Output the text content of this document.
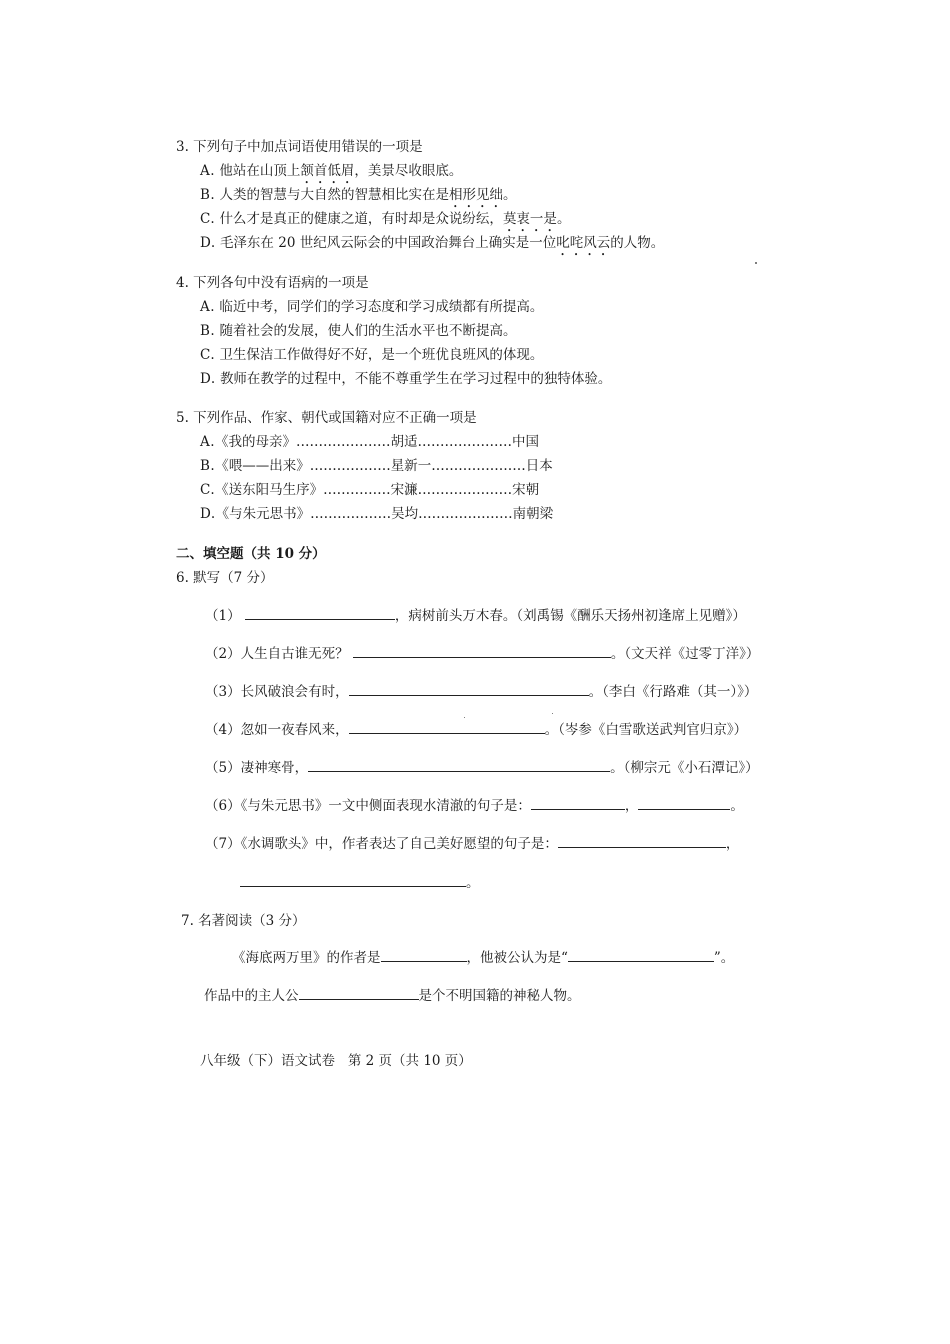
3. 下列句子中加点词语使用错误的一项是
A. 他站在山顶上颔首低眉，美景尽收眼底。
B. 人类的智慧与大自然的智慧相比实在是相形见绌。
C. 什么才是真正的健康之道，有时却是众说纷纭，莫衷一是。
D. 毛泽东在 20 世纪风云际会的中国政治舞台上确实是一位叱咤风云的人物。
4. 下列各句中没有语病的一项是
A. 临近中考，同学们的学习态度和学习成绩都有所提高。
B. 随着社会的发展，使人们的生活水平也不断提高。
C. 卫生保洁工作做得好不好，是一个班优良班风的体现。
D. 教师在教学的过程中，不能不尊重学生在学习过程中的独特体验。
5. 下列作品、作家、朝代或国籍对应不正确一项是
A.《我的母亲》…………………胡适…………………中国
B.《喂——出来》………………星新一…………………日本
C.《送东阳马生序》……………宋濂…………………宋朝
D.《与朱元思书》………………吴均…………………南朝梁
二、填空题（共 10 分）
6. 默写（7 分）
（1）	，病树前头万木春。（刘禹锡《酬乐天扬州初逢席上见赠》）
（2）人生自古谁无死？	。（文天祥《过零丁洋》）
（3）长风破浪会有时，	。（李白《行路难（其一）》）
（4）忽如一夜春风来，	。（岑参《白雪歌送武判官归京》）
（5）凄神寒骨，	。（柳宗元《小石潭记》）
（6）《与朱元思书》一文中侧面表现水清澈的句子是：	，	。
（7）《水调歌头》中，作者表达了自己美好愿望的句子是：	，
。
7. 名著阅读（3 分）
《海底两万里》的作者是	，他被公认为是“	”。
作品中的主人公	是个不明国籍的神秘人物。
八年级（下）语文试卷   第 2 页（共 10 页）
